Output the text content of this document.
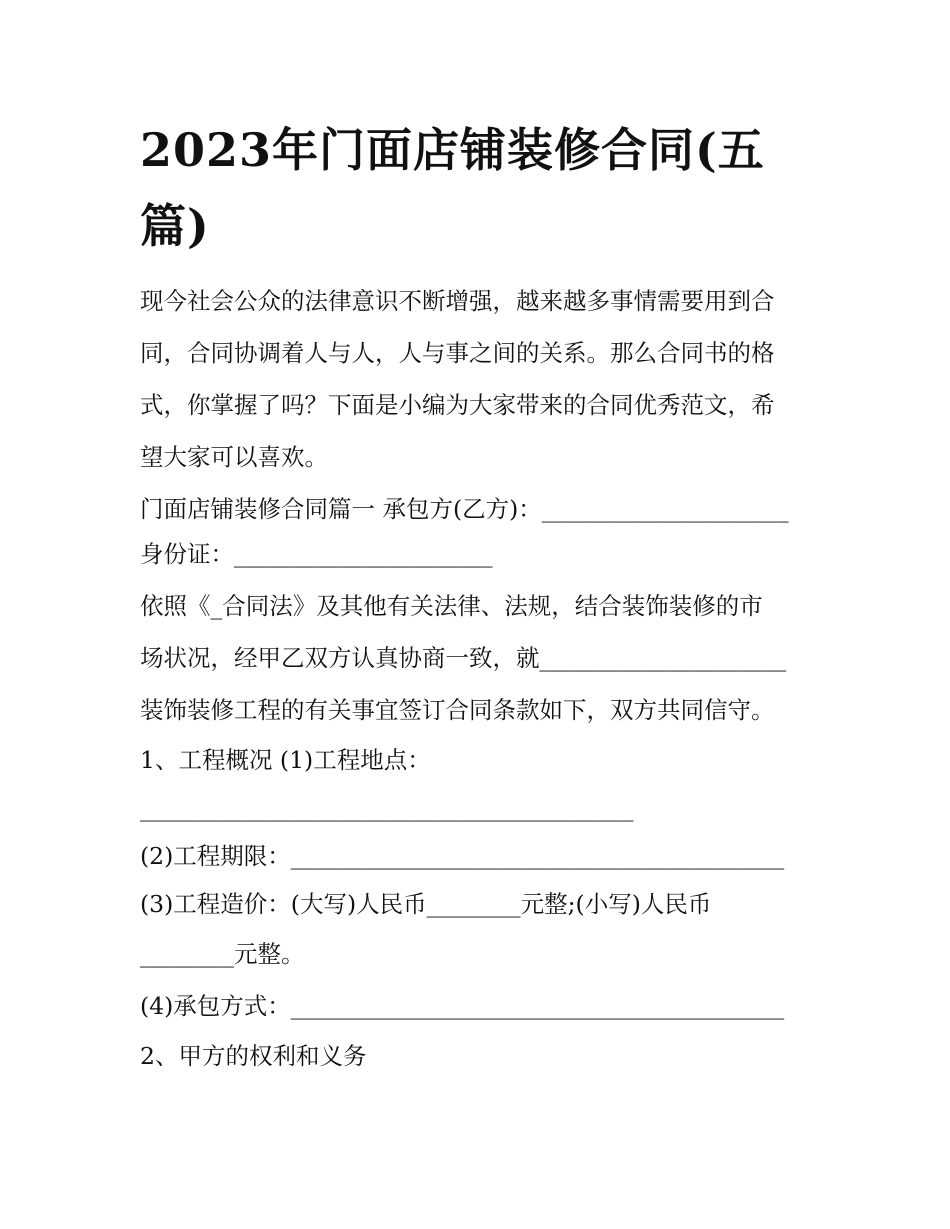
2023年门面店铺装修合同(五篇)
现今社会公众的法律意识不断增强，越来越多事情需要用到合
同，合同协调着人与人，人与事之间的关系。那么合同书的格
式，你掌握了吗？下面是小编为大家带来的合同优秀范文，希
望大家可以喜欢。

门面店铺装修合同篇一 承包方(乙方)：_____________________

身份证：______________________

依照《_合同法》及其他有关法律、法规，结合装饰装修的市

场状况，经甲乙双方认真协商一致，就_____________________

装饰装修工程的有关事宜签订合同条款如下，双方共同信守。

1、工程概况 (1)工程地点：

__________________________________________

(2)工程期限：__________________________________________

(3)工程造价：(大写)人民币________元整;(小写)人民币

________元整。

(4)承包方式：__________________________________________

2、甲方的权利和义务
